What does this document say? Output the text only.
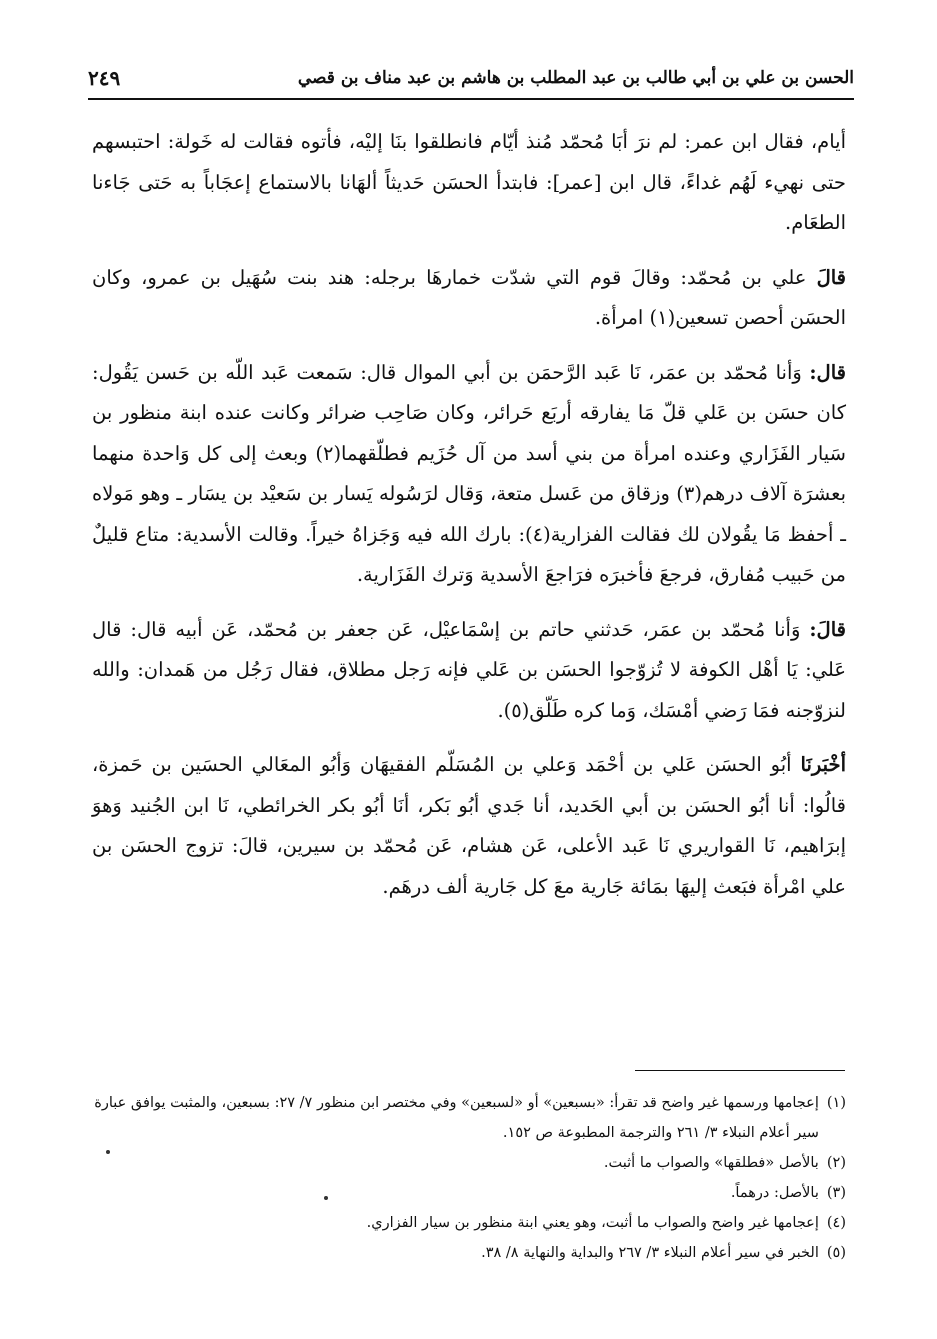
الحسن بن علي بن أبي طالب بن عبد المطلب بن هاشم بن عبد مناف بن قصي
٢٤٩

أيام، فقال ابن عمر: لم نرَ أبَا مُحمّد مُنذ أيّام فانطلقوا بنَا إليْه، فأتوه فقالت له خَولة: احتبسهم حتى نهيء لَهُم غداءً، قال ابن [عمر]: فابتدأ الحسَن حَديثاً ألهَانا بالاستماع إعجَاباً به حَتى جَاءنا الطعَام.

قالَ علي بن مُحمّد: وقالَ قوم التي شدّت خمارهَا برجله: هند بنت سُهَيل بن عمرو، وكان الحسَن أحصن تسعين(١) امرأة.

قال: وَأنا مُحمّد بن عمَر، نَا عَبد الرَّحمَن بن أبي الموال قال: سَمعت عَبد اللّه بن حَسن يَقُول: كان حسَن بن عَلي قلّ مَا يفارقه أربَع حَرائر، وكان صَاحِب ضرائر وكانت عنده ابنة منظور بن سَيار الفَزَاري وعنده امرأة من بني أسد من آل حُزَيم فطلّقهما(٢) وبعث إلى كل وَاحدة منهما بعشرَة آلاف درهم(٣) وزقاق من عَسل متعة، وَقال لرَسُوله يَسار بن سَعيْد بن يسَار ـ وهو مَولاه ـ أحفظ مَا يقُولان لك فقالت الفزارية(٤): بارك الله فيه وَجَزاهُ خيراً. وقالت الأسدية: متاع قليلٌ من حَبيب مُفارق، فرجعَ فأخبرَه فرَاجعَ الأسدية وَترك الفَزَارية.

قالَ: وَأنا مُحمّد بن عمَر، حَدثني حاتم بن إسْمَاعيْل، عَن جعفر بن مُحمّد، عَن أبيه قال: قال عَلي: يَا أهْل الكوفة لا تُزوّجوا الحسَن بن عَلي فإنه رَجل مطلاق، فقال رَجُل من هَمدان: والله لنزوّجنه فمَا رَضي أمْسَك، وَما كره طَلّق(٥).

أخْبَرنَا أبُو الحسَن عَلي بن أحْمَد وَعلي بن المُسَلّم الفقيهَان وَأبُو المعَالي الحسَين بن حَمزة، قالُوا: أنا أبُو الحسَن بن أبي الحَديد، أنا جَدي أبُو بَكر، أنَا أبُو بكر الخرائطي، نَا ابن الجُنيد وَهوَ إبرَاهيم، نَا القواريري نَا عَبد الأعلى، عَن هشام، عَن مُحمّد بن سيرين، قالَ: تزوج الحسَن بن علي امْرأة فبَعث إليهَا بمَائة جَارية معَ كل جَارية ألف درهَم.

(١)
إعجامها ورسمها غير واضح قد تقرأ: «بسبعين» أو «لسبعين» وفي مختصر ابن منظور ٧/ ٢٧: بسبعين، والمثبت يوافق عبارة سير أعلام النبلاء ٣/ ٢٦١ والترجمة المطبوعة ص ١٥٢.
(٢)
بالأصل «فطلقها» والصواب ما أثبت.
(٣)
بالأصل: درهماً.
(٤)
إعجامها غير واضح والصواب ما أثبت، وهو يعني ابنة منظور بن سيار الفزاري.
(٥)
الخبر في سير أعلام النبلاء ٣/ ٢٦٧ والبداية والنهاية ٨/ ٣٨.
